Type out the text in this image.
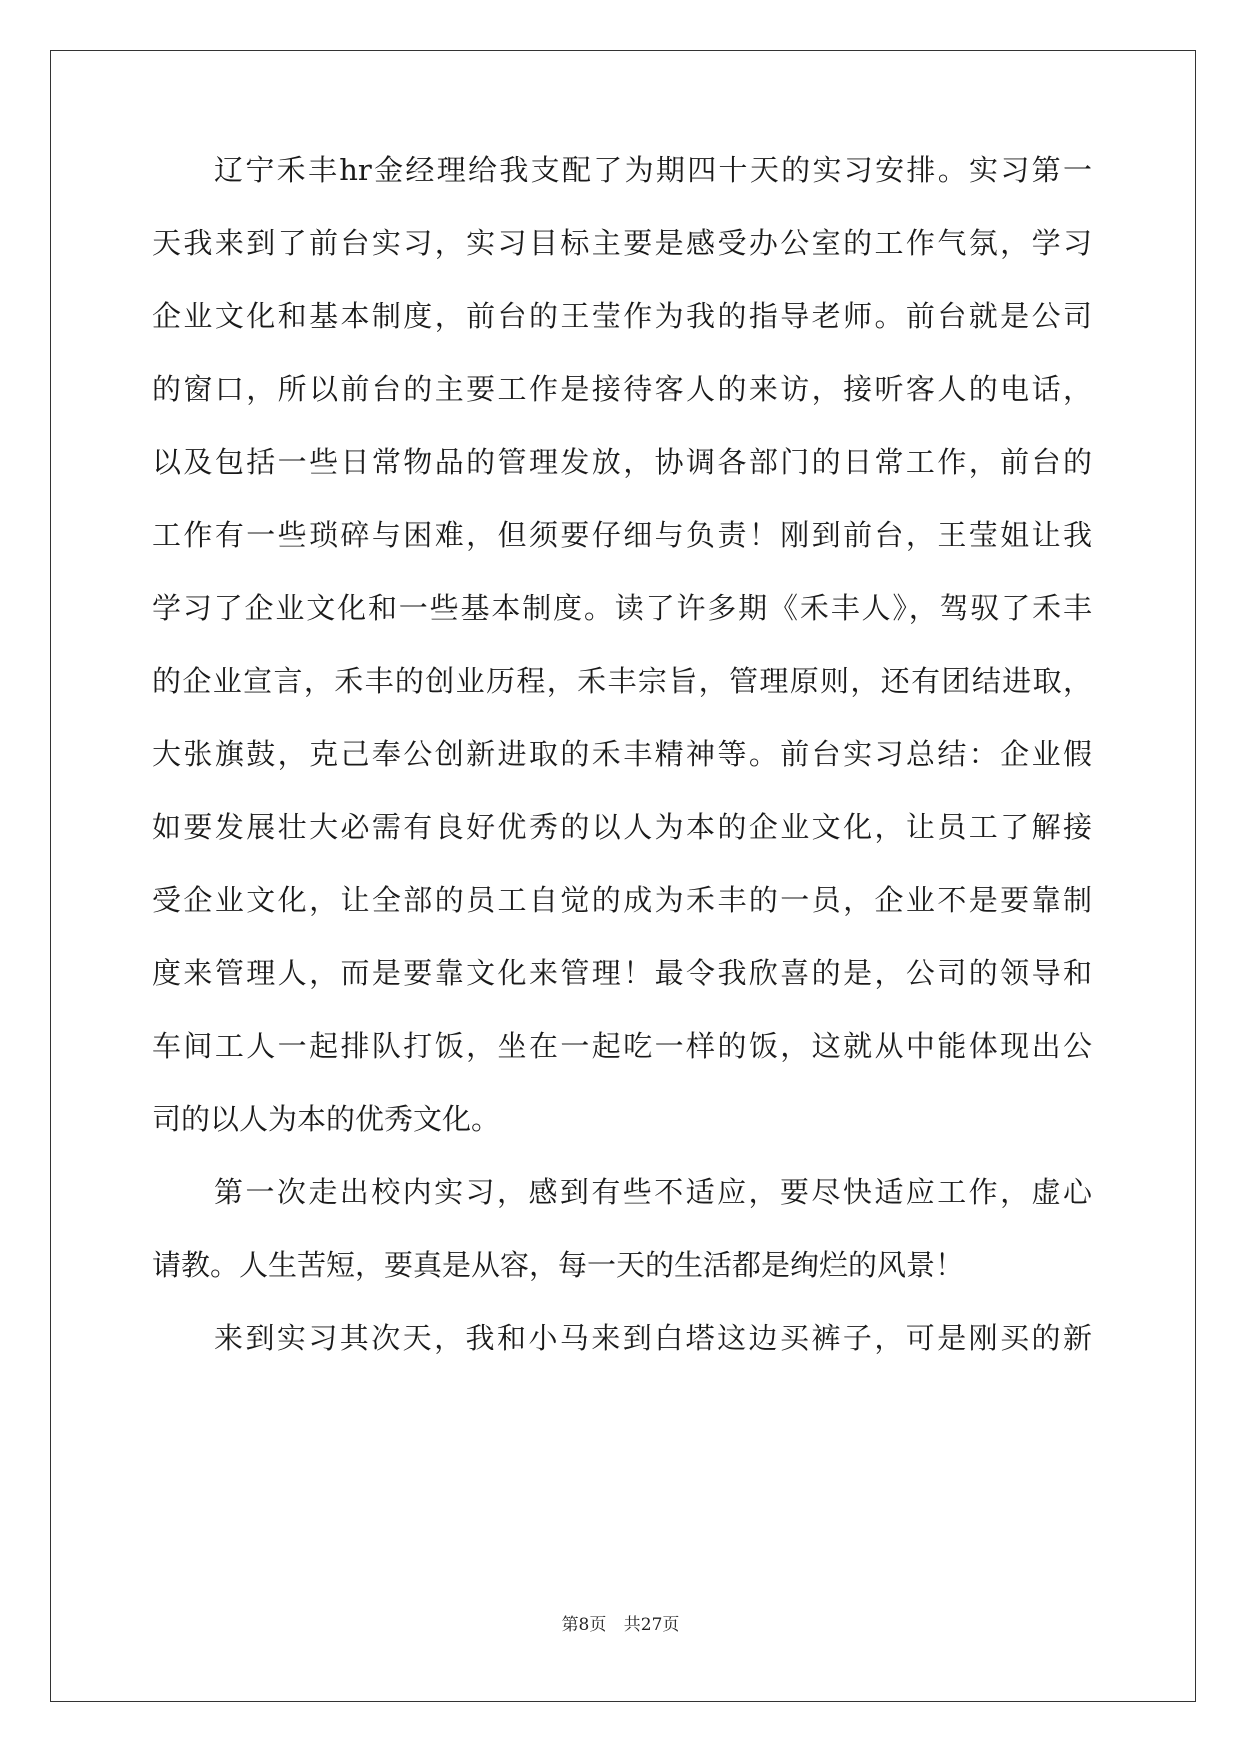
辽宁禾丰hr金经理给我支配了为期四十天的实习安排。实习第一
天我来到了前台实习，实习目标主要是感受办公室的工作气氛，学习
企业文化和基本制度，前台的王莹作为我的指导老师。前台就是公司
的窗口，所以前台的主要工作是接待客人的来访，接听客人的电话，
以及包括一些日常物品的管理发放，协调各部门的日常工作，前台的
工作有一些琐碎与困难，但须要仔细与负责！刚到前台，王莹姐让我
学习了企业文化和一些基本制度。读了许多期《禾丰人》，驾驭了禾丰
的企业宣言，禾丰的创业历程，禾丰宗旨，管理原则，还有团结进取，
大张旗鼓，克己奉公创新进取的禾丰精神等。前台实习总结：企业假
如要发展壮大必需有良好优秀的以人为本的企业文化，让员工了解接
受企业文化，让全部的员工自觉的成为禾丰的一员，企业不是要靠制
度来管理人，而是要靠文化来管理！最令我欣喜的是，公司的领导和
车间工人一起排队打饭，坐在一起吃一样的饭，这就从中能体现出公
司的以人为本的优秀文化。
第一次走出校内实习，感到有些不适应，要尽快适应工作，虚心
请教。人生苦短，要真是从容，每一天的生活都是绚烂的风景！
来到实习其次天，我和小马来到白塔这边买裤子，可是刚买的新
第8页 共27页
